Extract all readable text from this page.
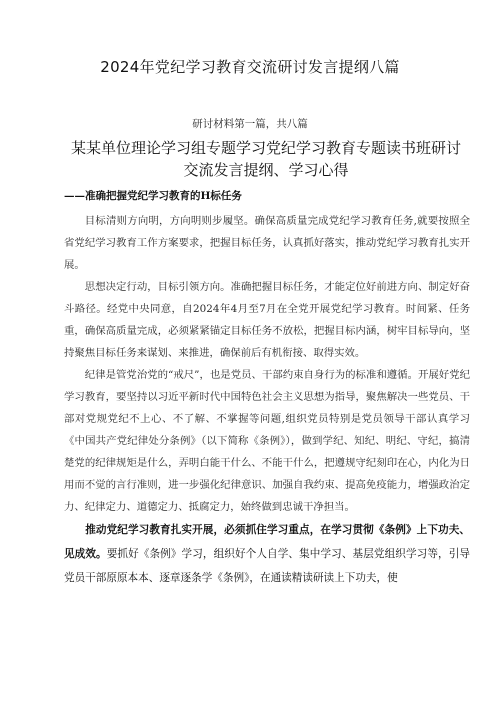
2024年党纪学习教育交流研讨发言提纲八篇
研讨材料第一篇，共八篇
某某单位理论学习组专题学习党纪学习教育专题读书班研讨
交流发言提纲、学习心得
——准确把握党纪学习教育的H标任务

目标清则方向明，方向明则步履坚。确保高质量完成党纪学习教育任务,就要按照全省党纪学习教育工作方案要求，把握目标任务，认真抓好落实，推动党纪学习教育扎实开展。

思想决定行动，目标引领方向。准确把握目标任务，才能定位好前进方向、制定好奋斗路径。经党中央同意，自2024年4月至7月在全党开展党纪学习教育。时间紧、任务重，确保高质量完成，必须紧紧锚定目标任务不放松，把握目标内涵，树牢目标导向，坚持聚焦目标任务来谋划、来推进，确保前后有机衔接、取得实效。

纪律是管党治党的“戒尺”，也是党员、干部约束自身行为的标准和遵循。开展好党纪学习教育，要坚持以习近平新时代中国特色社会主义思想为指导，聚焦解决一些党员、干部对党规党纪不上心、不了解、不掌握等问题,组织党员特别是党员领导干部认真学习《中国共产党纪律处分条例》（以下简称《条例》），做到学纪、知纪、明纪、守纪，搞清楚党的纪律规矩是什么，弄明白能干什么、不能干什么，把遵规守纪刻印在心，内化为日用而不觉的言行准则，进一步强化纪律意识、加强自我约束、提高免疫能力，增强政治定力、纪律定力、道德定力、抵腐定力，始终做到忠诚干净担当。

推动党纪学习教育扎实开展，必须抓住学习重点，在学习贯彻《条例》上下功夫、见成效。要抓好《条例》学习，组织好个人自学、集中学习、基层党组织学习等，引导党员干部原原本本、逐章逐条学《条例》，在通读精读研读上下功夫，使
